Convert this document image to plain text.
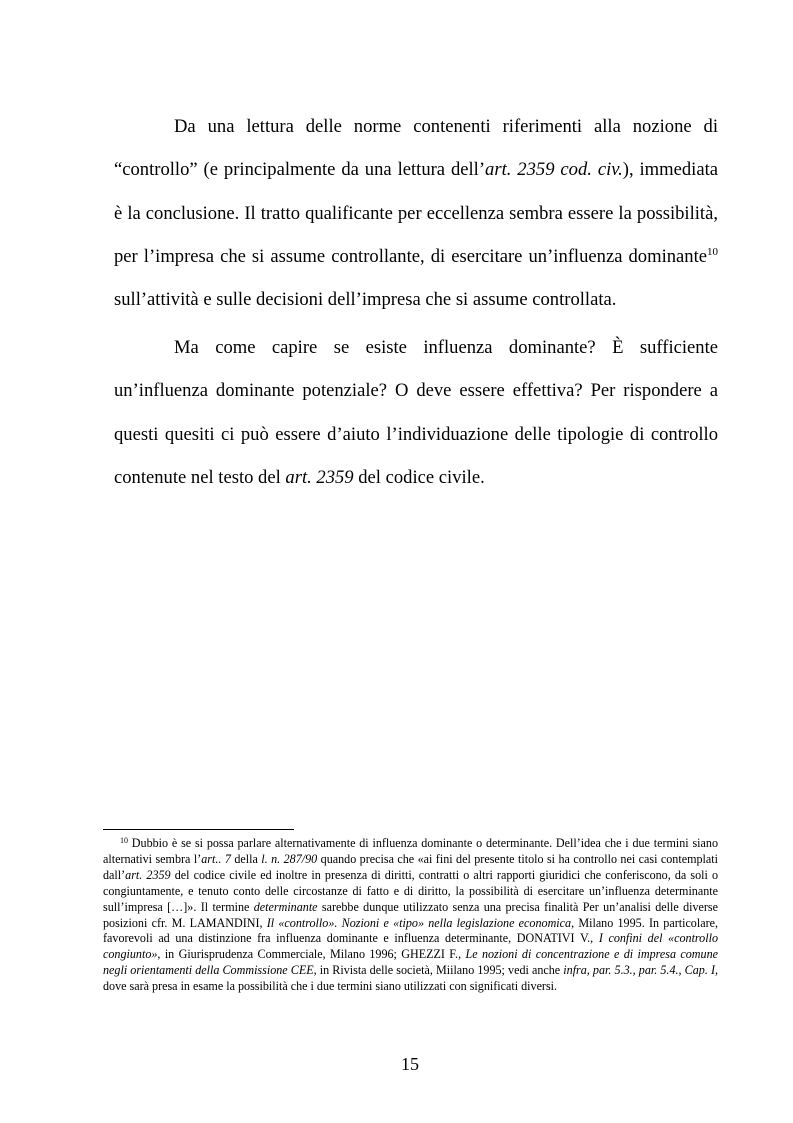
Da una lettura delle norme contenenti riferimenti alla nozione di “controllo” (e principalmente da una lettura dell’art. 2359 cod. civ.), immediata è la conclusione. Il tratto qualificante per eccellenza sembra essere la possibilità, per l’impresa che si assume controllante, di esercitare un’influenza dominante$^{10}$ sull’attività e sulle decisioni dell’impresa che si assume controllata.

Ma come capire se esiste influenza dominante? È sufficiente un’influenza dominante potenziale? O deve essere effettiva? Per rispondere a questi quesiti ci può essere d’aiuto l’individuazione delle tipologie di controllo contenute nel testo del art. 2359 del codice civile.

$^{10}$ Dubbio è se si possa parlare alternativamente di influenza dominante o determinante. Dell’idea che i due termini siano alternativi sembra l’art.. 7 della l. n. 287/90 quando precisa che «ai fini del presente titolo si ha controllo nei casi contemplati dall’art. 2359 del codice civile ed inoltre in presenza di diritti, contratti o altri rapporti giuridici che conferiscono, da soli o congiuntamente, e tenuto conto delle circostanze di fatto e di diritto, la possibilità di esercitare un’influenza determinante sull’impresa […]». Il termine determinante sarebbe dunque utilizzato senza una precisa finalità Per un’analisi delle diverse posizioni cfr. M. LAMANDINI, Il «controllo». Nozioni e «tipo» nella legislazione economica, Milano 1995. In particolare, favorevoli ad una distinzione fra influenza dominante e influenza determinante, DONATIVI V., I confini del «controllo congiunto», in Giurisprudenza Commerciale, Milano 1996; GHEZZI F., Le nozioni di concentrazione e di impresa comune negli orientamenti della Commissione CEE, in Rivista delle società, Miilano 1995; vedi anche infra, par. 5.3., par. 5.4., Cap. I, dove sarà presa in esame la possibilità che i due termini siano utilizzati con significati diversi.

15
